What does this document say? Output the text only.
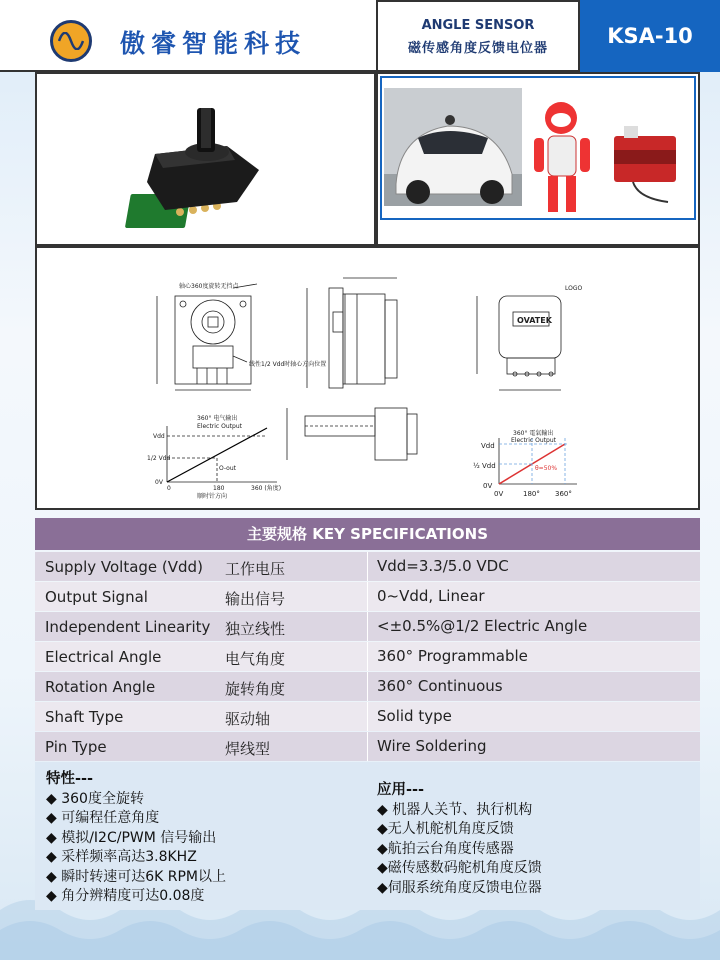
傲睿智能科技
ANGLE SENSOR
磁传感角度反馈电位器
KSA-10
轴心360度旋转无挡点	LOGO
OVATEK
线性1/2 Vdd时轴心方向位置
360° 电气输出
Electric Output
Vdd
1/2 Vdd
0V
0	180	360 (角度)
顺时针方向
O-out
360° 電氣輸出
Electric Output
Vdd
½ Vdd
0V
0V	180° 360°
θ=50%
主要规格 KEY SPECIFICATIONS
Supply Voltage (Vdd) 工作电压	Vdd=3.3/5.0 VDC
Output Signal	输出信号	0~Vdd, Linear
Independent Linearity 独立线性	<±0.5%@1/2 Electric Angle
Electrical Angle	电气角度	360° Programmable
Rotation Angle	旋转角度	360° Continuous
Shaft Type	驱动轴	Solid type
Pin Type	焊线型	Wire Soldering
特性---
◆ 360度全旋转
◆ 可编程任意角度
◆ 模拟/I2C/PWM 信号输出
◆ 采样频率高达3.8KHZ
◆ 瞬时转速可达6K RPM以上
◆ 角分辨精度可达0.08度
应用---
◆ 机器人关节、执行机构
◆无人机舵机角度反馈
◆航拍云台角度传感器
◆磁传感数码舵机角度反馈
◆伺服系统角度反馈电位器
